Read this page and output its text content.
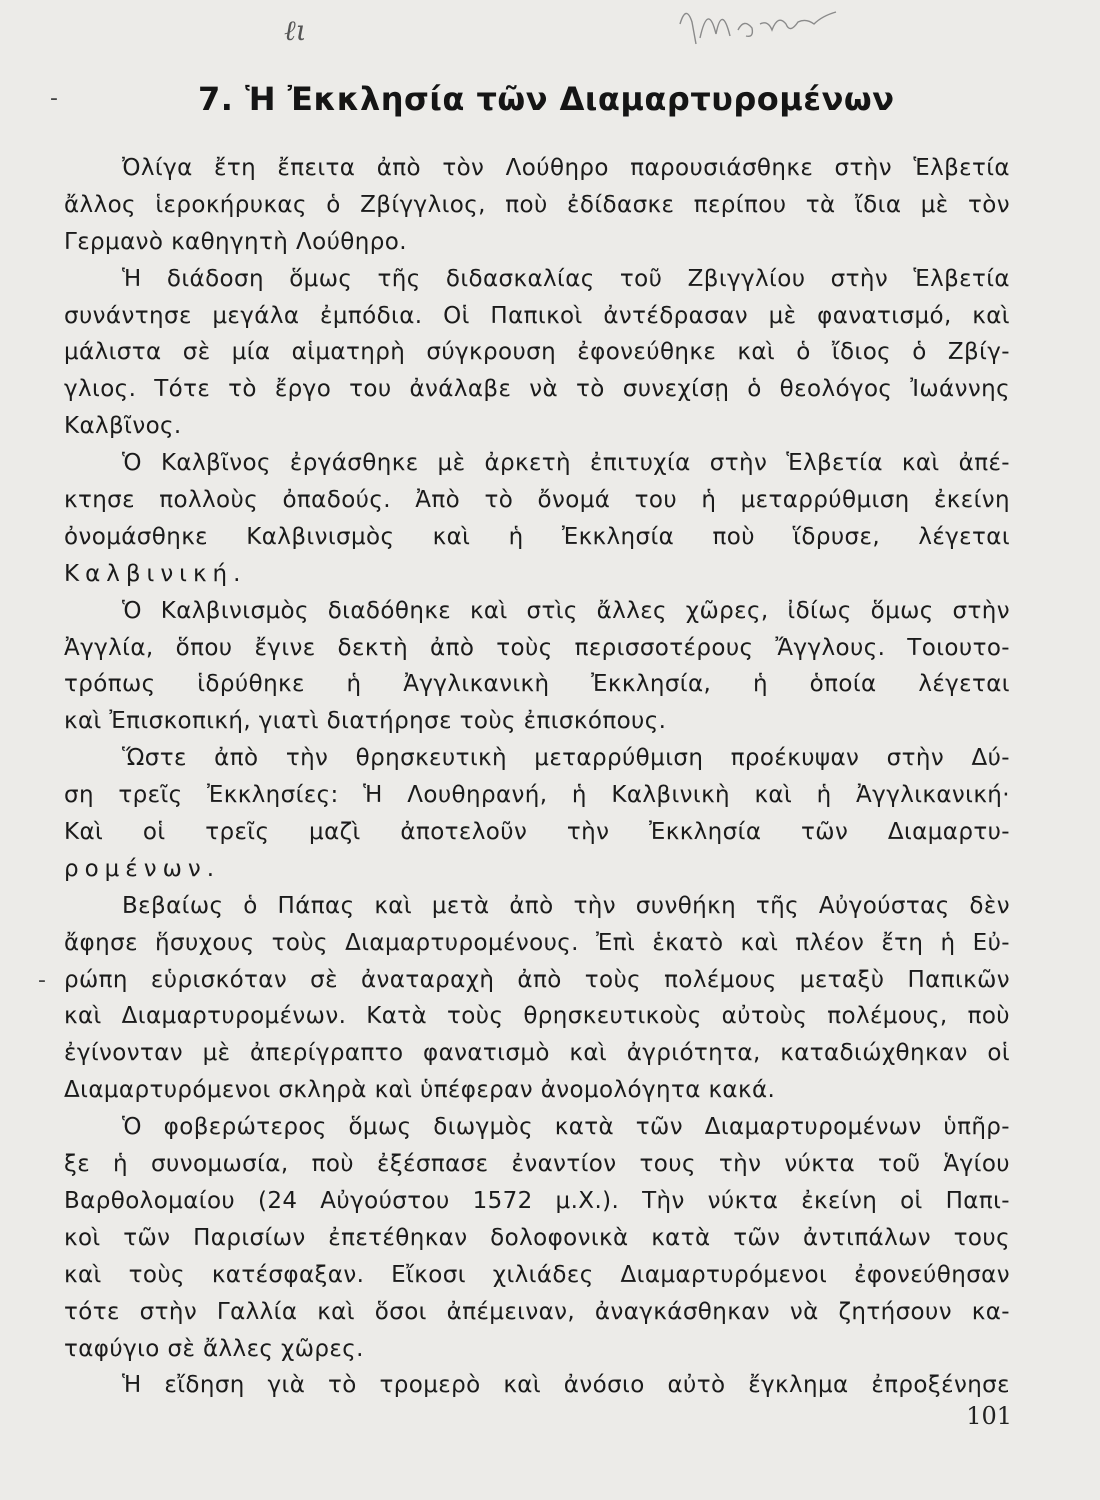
ℓι
-
-
7. Ἡ Ἐκκλησία τῶν Διαμαρτυρομένων
Ὀλίγα ἔτη ἔπειτα ἀπὸ τὸν Λούθηρο παρουσιάσθηκε στὴν Ἑλβετία
ἄλλος ἱεροκήρυκας ὁ Ζβίγγλιος, ποὺ ἐδίδασκε περίπου τὰ ἴδια μὲ τὸν
Γερμανὸ καθηγητὴ Λούθηρο.
Ἡ διάδοση ὅμως τῆς διδασκαλίας τοῦ Ζβιγγλίου στὴν Ἑλβετία
συνάντησε μεγάλα ἐμπόδια. Οἱ Παπικοὶ ἀντέδρασαν μὲ φανατισμό, καὶ
μάλιστα σὲ μία αἱματηρὴ σύγκρουση ἐφονεύθηκε καὶ ὁ ἴδιος ὁ Ζβίγ-
γλιος. Τότε τὸ ἔργο του ἀνάλαβε νὰ τὸ συνεχίσῃ ὁ θεολόγος Ἰωάννης
Καλβῖνος.
Ὁ Καλβῖνος ἐργάσθηκε μὲ ἀρκετὴ ἐπιτυχία στὴν Ἑλβετία καὶ ἀπέ-
κτησε πολλοὺς ὀπαδούς. Ἀπὸ τὸ ὄνομά του ἡ μεταρρύθμιση ἐκείνη
ὀνομάσθηκε Καλβινισμὸς καὶ ἡ Ἐκκλησία ποὺ ἵδρυσε, λέγεται
Καλβινική.
Ὁ Καλβινισμὸς διαδόθηκε καὶ στὶς ἄλλες χῶρες, ἰδίως ὅμως στὴν
Ἀγγλία, ὅπου ἔγινε δεκτὴ ἀπὸ τοὺς περισσοτέρους Ἄγγλους. Τοιουτο-
τρόπως ἱδρύθηκε ἡ Ἀγγλικανικὴ Ἐκκλησία, ἡ ὁποία λέγεται
καὶ Ἐπισκοπική, γιατὶ διατήρησε τοὺς ἐπισκόπους.
Ὥστε ἀπὸ τὴν θρησκευτικὴ μεταρρύθμιση προέκυψαν στὴν Δύ-
ση τρεῖς Ἐκκλησίες: Ἡ Λουθηρανή, ἡ Καλβινικὴ καὶ ἡ Ἀγγλικανική·
Καὶ οἱ τρεῖς μαζὶ ἀποτελοῦν τὴν Ἐκκλησία τῶν Διαμαρτυ-
ρομένων.
Βεβαίως ὁ Πάπας καὶ μετὰ ἀπὸ τὴν συνθήκη τῆς Αὐγούστας δὲν
ἄφησε ἥσυχους τοὺς Διαμαρτυρομένους. Ἐπὶ ἑκατὸ καὶ πλέον ἔτη ἡ Εὐ-
ρώπη εὑρισκόταν σὲ ἀναταραχὴ ἀπὸ τοὺς πολέμους μεταξὺ Παπικῶν
καὶ Διαμαρτυρομένων. Κατὰ τοὺς θρησκευτικοὺς αὐτοὺς πολέμους, ποὺ
ἐγίνονταν μὲ ἀπερίγραπτο φανατισμὸ καὶ ἀγριότητα, καταδιώχθηκαν οἱ
Διαμαρτυρόμενοι σκληρὰ καὶ ὑπέφεραν ἀνομολόγητα κακά.
Ὁ φοβερώτερος ὅμως διωγμὸς κατὰ τῶν Διαμαρτυρομένων ὑπῆρ-
ξε ἡ συνομωσία, ποὺ ἐξέσπασε ἐναντίον τους τὴν νύκτα τοῦ Ἁγίου
Βαρθολομαίου (24 Αὐγούστου 1572 μ.Χ.). Τὴν νύκτα ἐκείνη οἱ Παπι-
κοὶ τῶν Παρισίων ἐπετέθηκαν δολοφονικὰ κατὰ τῶν ἀντιπάλων τους
καὶ τοὺς κατέσφαξαν. Εἴκοσι χιλιάδες Διαμαρτυρόμενοι ἐφονεύθησαν
τότε στὴν Γαλλία καὶ ὅσοι ἀπέμειναν, ἀναγκάσθηκαν νὰ ζητήσουν κα-
ταφύγιο σὲ ἄλλες χῶρες.
Ἡ εἴδηση γιὰ τὸ τρομερὸ καὶ ἀνόσιο αὐτὸ ἔγκλημα ἐπροξένησε
101
